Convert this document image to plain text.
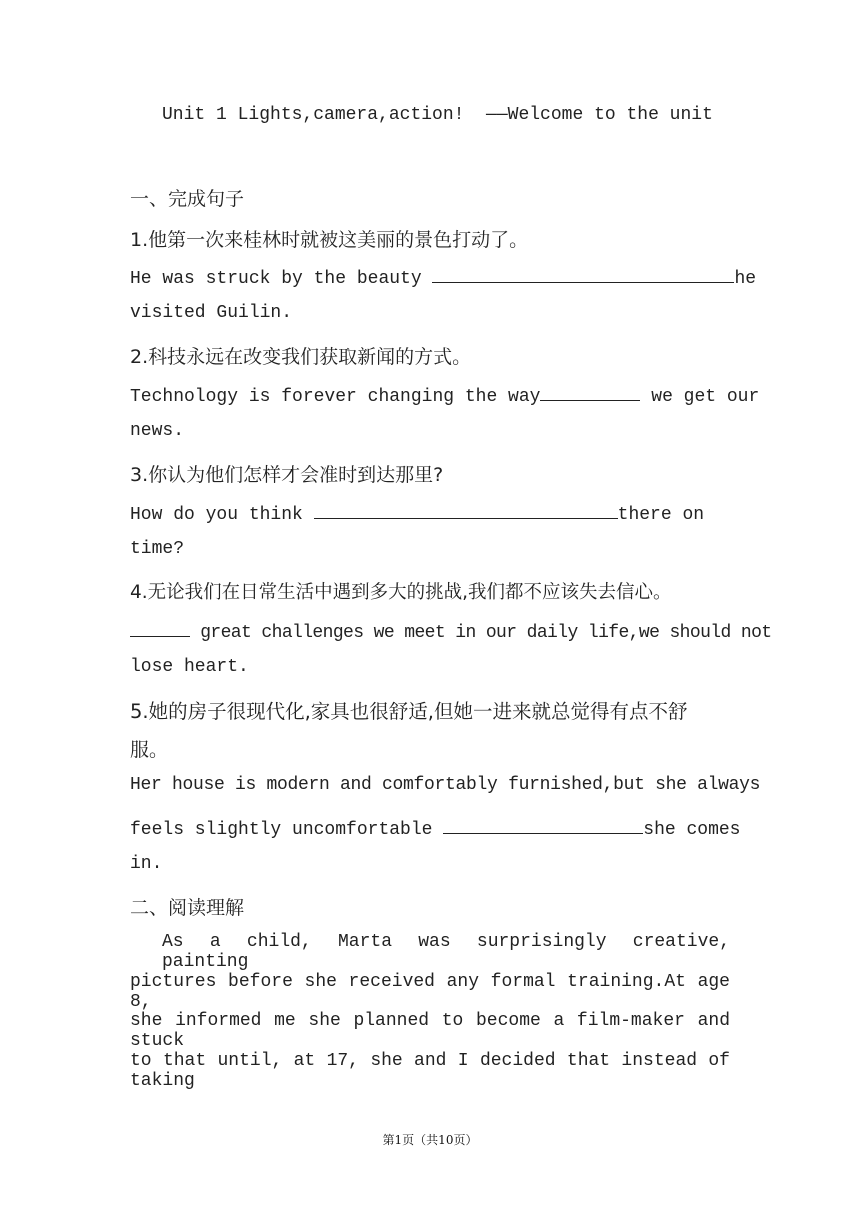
Unit 1 Lights,camera,action!  ——Welcome to the unit
一、完成句子
1.他第一次来桂林时就被这美丽的景色打动了。
He was struck by the beauty	he
visited Guilin.
2.科技永远在改变我们获取新闻的方式。
Technology is forever changing the way	we get our
news.
3.你认为他们怎样才会准时到达那里?
How do you think	there on
time?
4.无论我们在日常生活中遇到多大的挑战,我们都不应该失去信心。
great challenges we meet in our daily life,we should not
lose heart.
5.她的房子很现代化,家具也很舒适,但她一进来就总觉得有点不舒
服。
Her house is modern and comfortably furnished,but she always
feels slightly uncomfortable	she comes
in.
二、阅读理解
As a child, Marta was surprisingly creative, painting
pictures before she received any formal training.At age 8,
she informed me she planned to become a film-maker and stuck
to that until, at 17, she and I decided that instead of taking
第1页（共10页）
